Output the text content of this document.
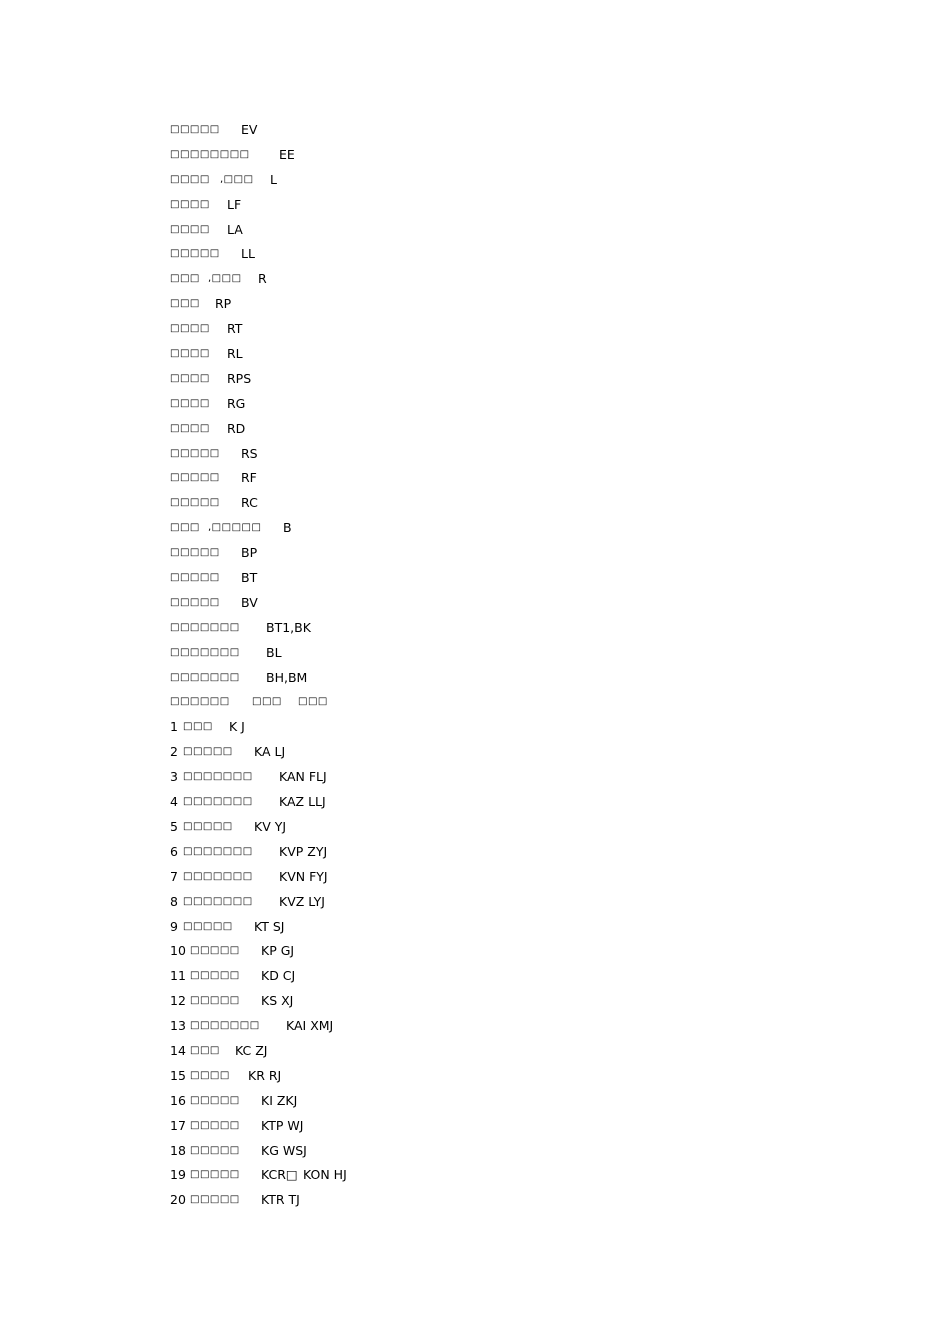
□□□□□ EV
□□□□□□□□ EE
□□□□ ,□□□ L
□□□□ LF
□□□□ LA
□□□□□ LL
□□□ ,□□□ R
□□□ RP
□□□□ RT
□□□□ RL
□□□□ RPS
□□□□ RG
□□□□ RD
□□□□□ RS
□□□□□ RF
□□□□□ RC
□□□ ,□□□□□ B
□□□□□ BP
□□□□□ BT
□□□□□ BV
□□□□□□□ BT1,BK
□□□□□□□ BL
□□□□□□□ BH,BM
□□□□□□ □□□ □□□
1 □□□ K J
2 □□□□□ KA LJ
3 □□□□□□□ KAN FLJ
4 □□□□□□□ KAZ LLJ
5 □□□□□ KV YJ
6 □□□□□□□ KVP ZYJ
7 □□□□□□□ KVN FYJ
8 □□□□□□□ KVZ LYJ
9 □□□□□ KT SJ
10 □□□□□ KP GJ
11 □□□□□ KD CJ
12 □□□□□ KS XJ
13 □□□□□□□ KAI XMJ
14 □□□ KC ZJ
15 □□□□ KR RJ
16 □□□□□ KI ZKJ
17 □□□□□ KTP WJ
18 □□□□□ KG WSJ
19 □□□□□ KCR□ KON HJ
20 □□□□□ KTR TJ
